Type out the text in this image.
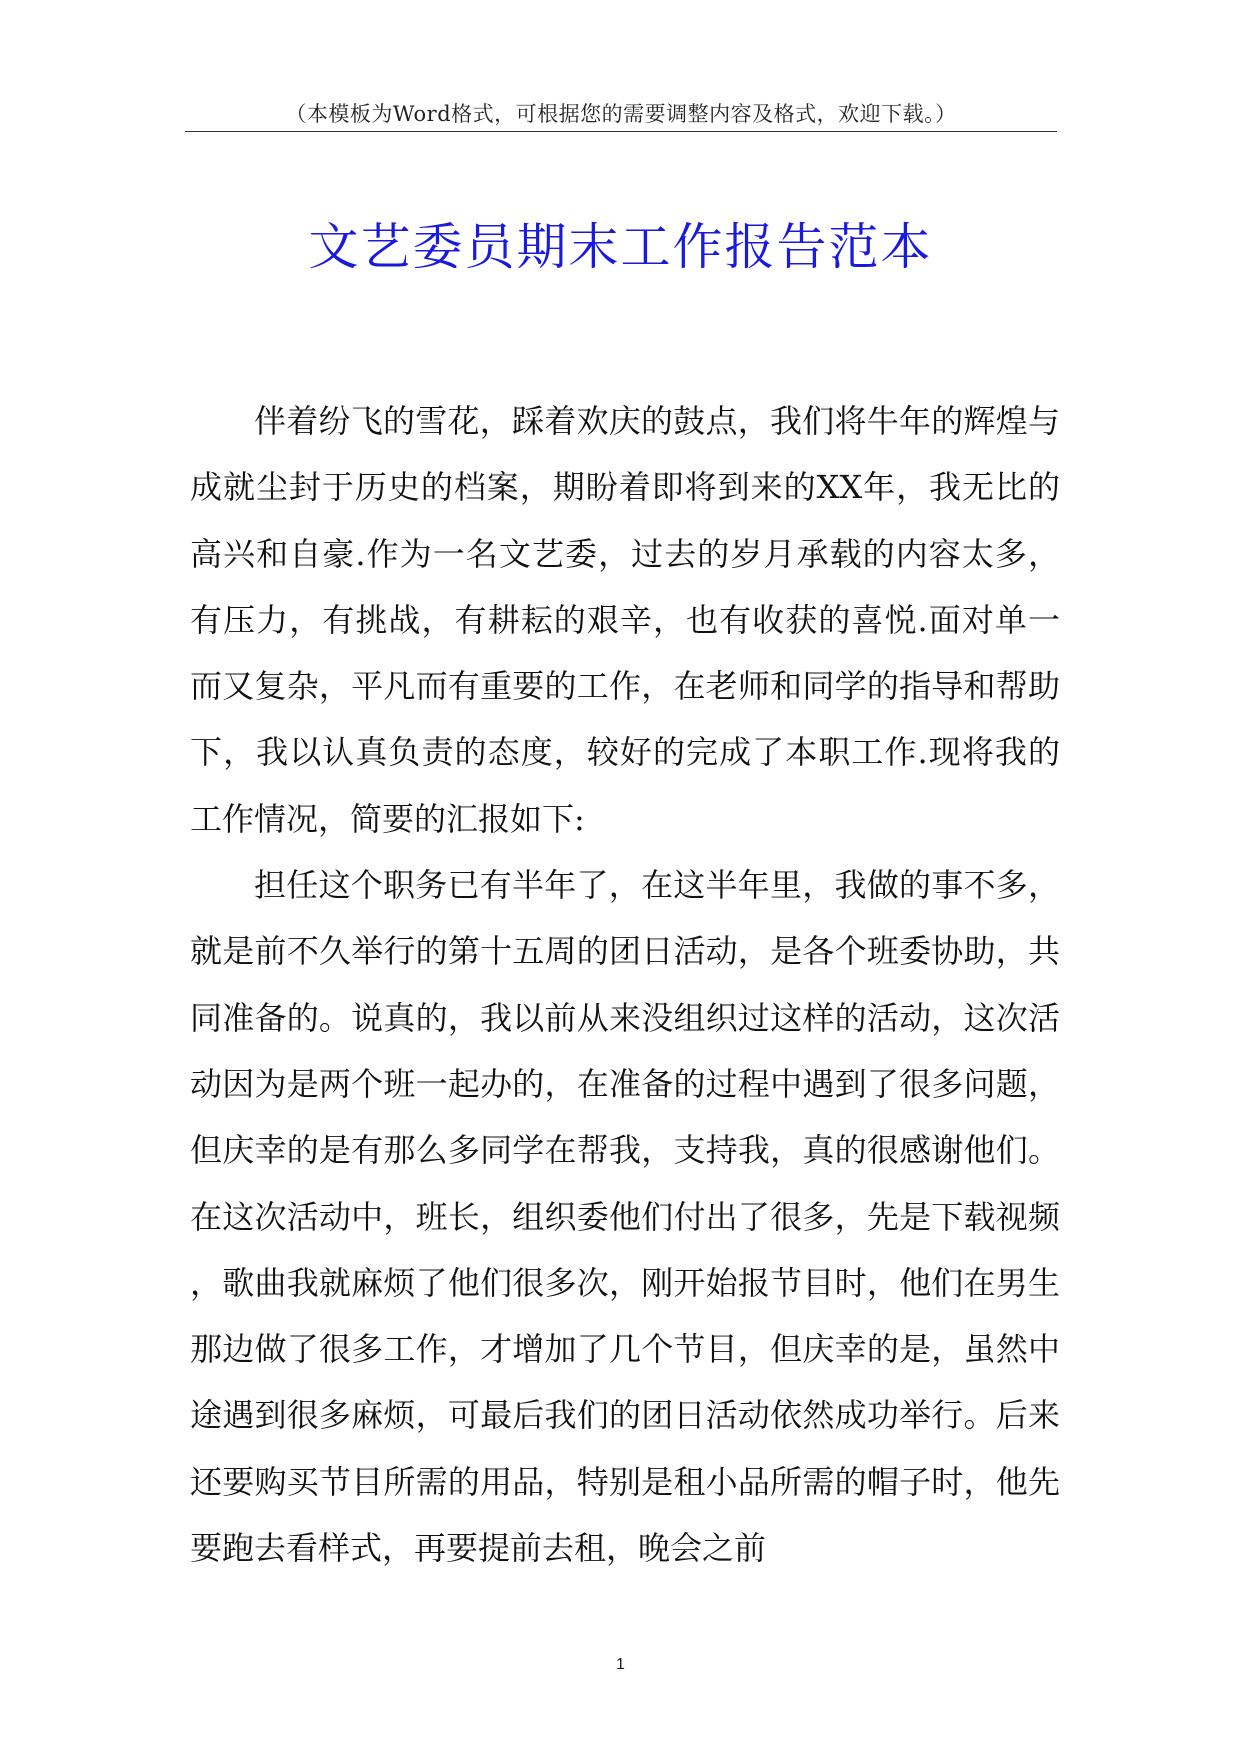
（本模板为Word格式，可根据您的需要调整内容及格式，欢迎下载。）
文艺委员期末工作报告范本

伴着纷飞的雪花，踩着欢庆的鼓点，我们将牛年的辉煌与成就尘封于历史的档案，期盼着即将到来的XX年，我无比的高兴和自豪.作为一名文艺委，过去的岁月承载的内容太多，有压力，有挑战，有耕耘的艰辛，也有收获的喜悦.面对单一而又复杂，平凡而有重要的工作，在老师和同学的指导和帮助下，我以认真负责的态度，较好的完成了本职工作.现将我的工作情况，简要的汇报如下:

担任这个职务已有半年了，在这半年里，我做的事不多，就是前不久举行的第十五周的团日活动，是各个班委协助，共同准备的。说真的，我以前从来没组织过这样的活动，这次活动因为是两个班一起办的，在准备的过程中遇到了很多问题，但庆幸的是有那么多同学在帮我，支持我，真的很感谢他们。在这次活动中，班长，组织委他们付出了很多，先是下载视频，歌曲我就麻烦了他们很多次，刚开始报节目时，他们在男生那边做了很多工作，才增加了几个节目，但庆幸的是，虽然中途遇到很多麻烦，可最后我们的团日活动依然成功举行。后来还要购买节目所需的用品，特别是租小品所需的帽子时，他先要跑去看样式，再要提前去租，晚会之前

1
